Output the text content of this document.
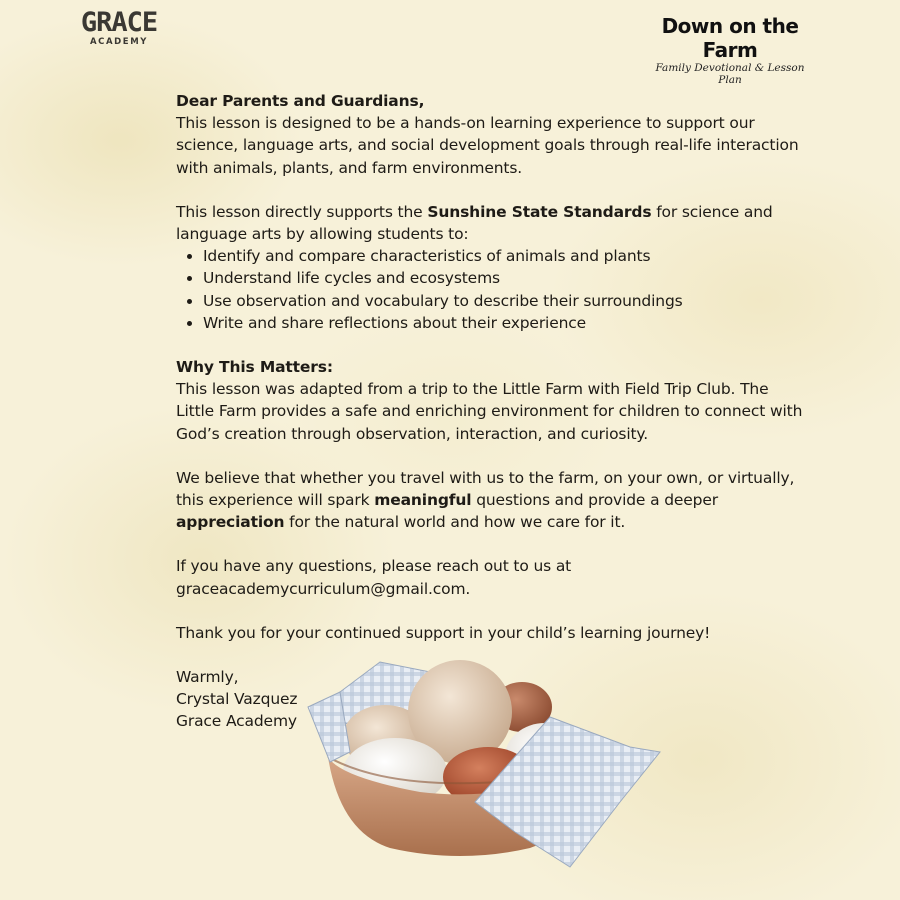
GRACE
ACADEMY
Down on the Farm
Family Devotional & Lesson Plan

Dear Parents and Guardians,

This lesson is designed to be a hands-on learning experience to support our science, language arts, and social development goals through real-life interaction with animals, plants, and farm environments.

This lesson directly supports the Sunshine State Standards for science and language arts by allowing students to:

• Identify and compare characteristics of animals and plants
• Understand life cycles and ecosystems
• Use observation and vocabulary to describe their surroundings
• Write and share reflections about their experience

Why This Matters:

This lesson was adapted from a trip to the Little Farm with Field Trip Club. The Little Farm provides a safe and enriching environment for children to connect with God’s creation through observation, interaction, and curiosity.

We believe that whether you travel with us to the farm, on your own, or virtually, this experience will spark meaningful questions and provide a deeper appreciation for the natural world and how we care for it.

If you have any questions, please reach out to us at

graceacademycurriculum@gmail.com.

Thank you for your continued support in your child’s learning journey!

Warmly,

Crystal Vazquez

Grace Academy
